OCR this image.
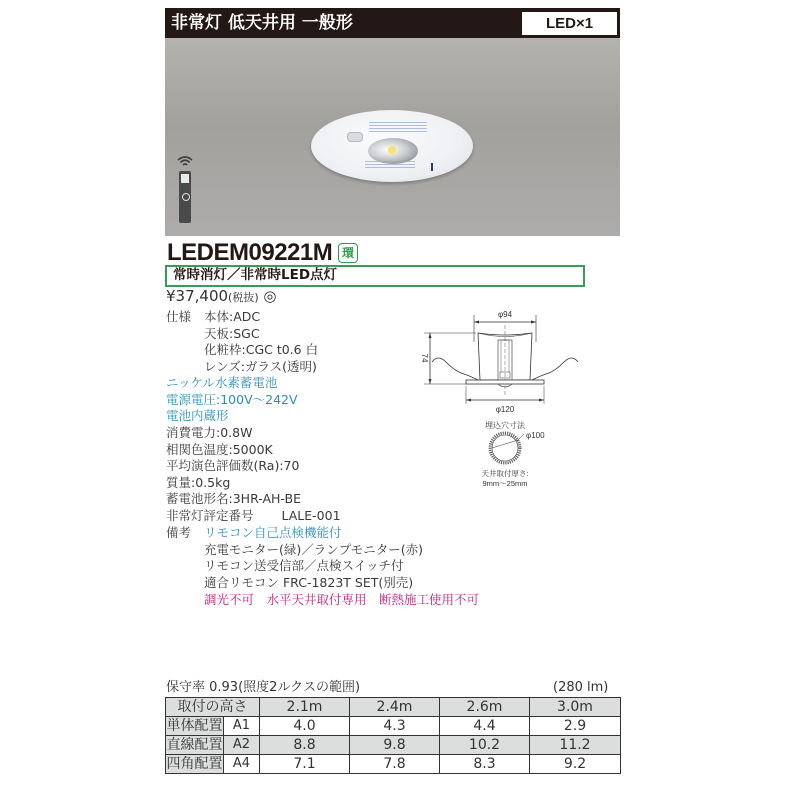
非常灯 低天井用 一般形	LED×1
LEDEM09221M 環
常時消灯／非常時LED点灯
¥37,400(税抜) ◎
仕様 本体:ADC
天板:SGC
化粧枠:CGC t0.6 白
レンズ:ガラス(透明)
ニッケル水素蓄電池
電源電圧:100V～242V
電池内蔵形
消費電力:0.8W
相関色温度:5000K
平均演色評価数(Ra):70
質量:0.5kg
蓄電池形名:3HR-AH-BE
非常灯評定番号 LALE-001
備考 リモコン自己点検機能付
充電モニター(緑)／ランプモニター(赤)
リモコン送受信部／点検スイッチ付
適合リモコン FRC-1823T SET(別売)
調光不可　水平天井取付専用　断熱施工使用不可
φ94
74
φ120
埋込穴寸法
φ100
天井取付厚さ:
9mm～25mm
保守率 0.93(照度2ルクスの範囲)	(280 lm)
取付の高さ		2.1m	2.4m	2.6m	3.0m
単体配置	A1	4.0	4.3	4.4	2.9
直線配置	A2	8.8	9.8	10.2	11.2
四角配置	A4	7.1	7.8	8.3	9.2
